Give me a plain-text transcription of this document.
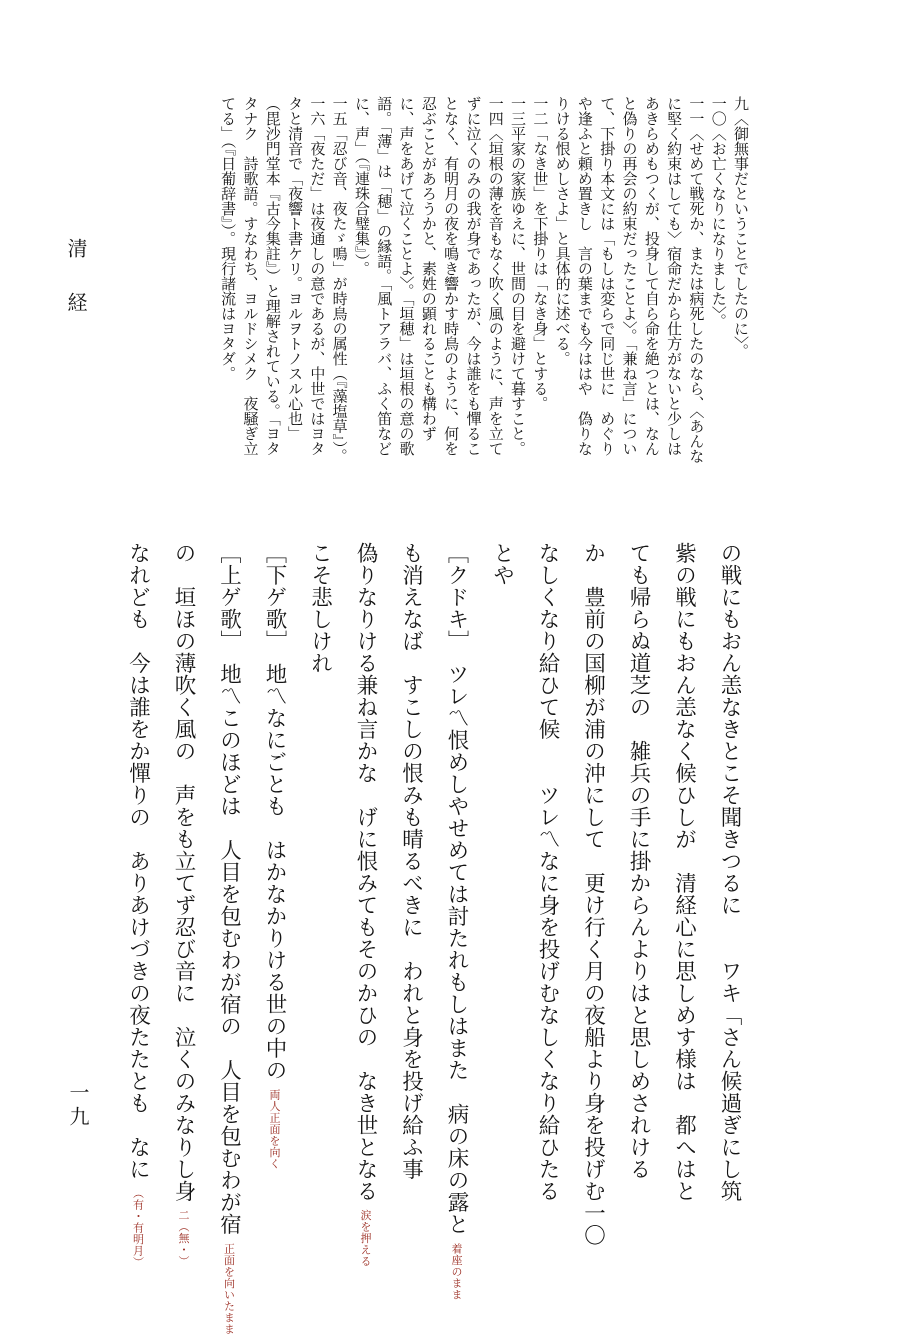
九〈御無事だということでしたのに〉。
一〇〈お亡くなりになりました〉。
一一〈せめて戦死か、または病死したのなら、〈あんな
に堅く約束はしても〉宿命だから仕方がないと少しは
あきらめもつくが、投身して自ら命を絶つとは、なん
と偽りの再会の約束だったことよ〉。「兼ね言」につい
て、下掛り本文には「もしは変らで同じ世に　めぐり
や逢ふと頼め置きし　言の葉までも今ははや　偽りな
りける恨めしさよ」と具体的に述べる。
一二「なき世」を下掛りは「なき身」とする。
一三平家の家族ゆえに、世間の目を避けて暮すこと。
一四〈垣根の薄を音もなく吹く風のように、声を立て
ずに泣くのみの我が身であったが、今は誰をも憚るこ
となく、有明月の夜を鳴き響かす時鳥のように、何を
忍ぶことがあろうかと、素姓の顕れることも構わず
に、声をあげて泣くことよ〉。「垣穂」は垣根の意の歌
語。「薄」は「穂」の縁語。「風トアラバ、ふく笛など
に、声」（『連珠合璧集』）。
一五「忍び音、夜たゞ鳴」が時鳥の属性（『藻塩草』）。
一六「夜ただ」は夜通しの意であるが、中世ではヨタ
タと清音で「夜響ト書ケリ。ヨルヲトノスル心也」
（毘沙門堂本『古今集註』）と理解されている。「ヨタ
タナク　詩歌語。すなわち、ヨルドシメク　夜騒ぎ立
てる」（『日葡辞書』）。現行諸流はヨタダ。
の戦にもおん恙なきとこそ聞きつるに　　ワキ「さん候過ぎにし筑
紫の戦にもおん恙なく候ひしが　清経心に思しめす様は　都へはと
ても帰らぬ道芝の　雑兵の手に掛からんよりはと思しめされける
か　豊前の国柳が浦の沖にして　更け行く月の夜船より身を投げむ一〇
なしくなり給ひて候　　ツレ〽なに身を投げむなしくなり給ひたる
とや
［クドキ］　ツレ〽恨めしやせめては討たれもしはまた　病の床の露と 着座のまま
も消えなば　すこしの恨みも晴るべきに　われと身を投げ給ふ事
偽りなりける兼ね言かな　げに恨みてもそのかひの　なき世となる 涙を押える
こそ悲しけれ
［下ゲ歌］　地〽なにごとも　はかなかりける世の中の 両人正面を向く
［上ゲ歌］　地〽このほどは　人目を包むわが宿の　人目を包むわが宿 正面を向いたまま
の　垣ほの薄吹く風の　声をも立てず忍び音に　泣くのみなりし身 二（無・）
なれども　今は誰をか憚りの　ありあけづきの夜たたとも　なに （有・有明月）
清経
一九
